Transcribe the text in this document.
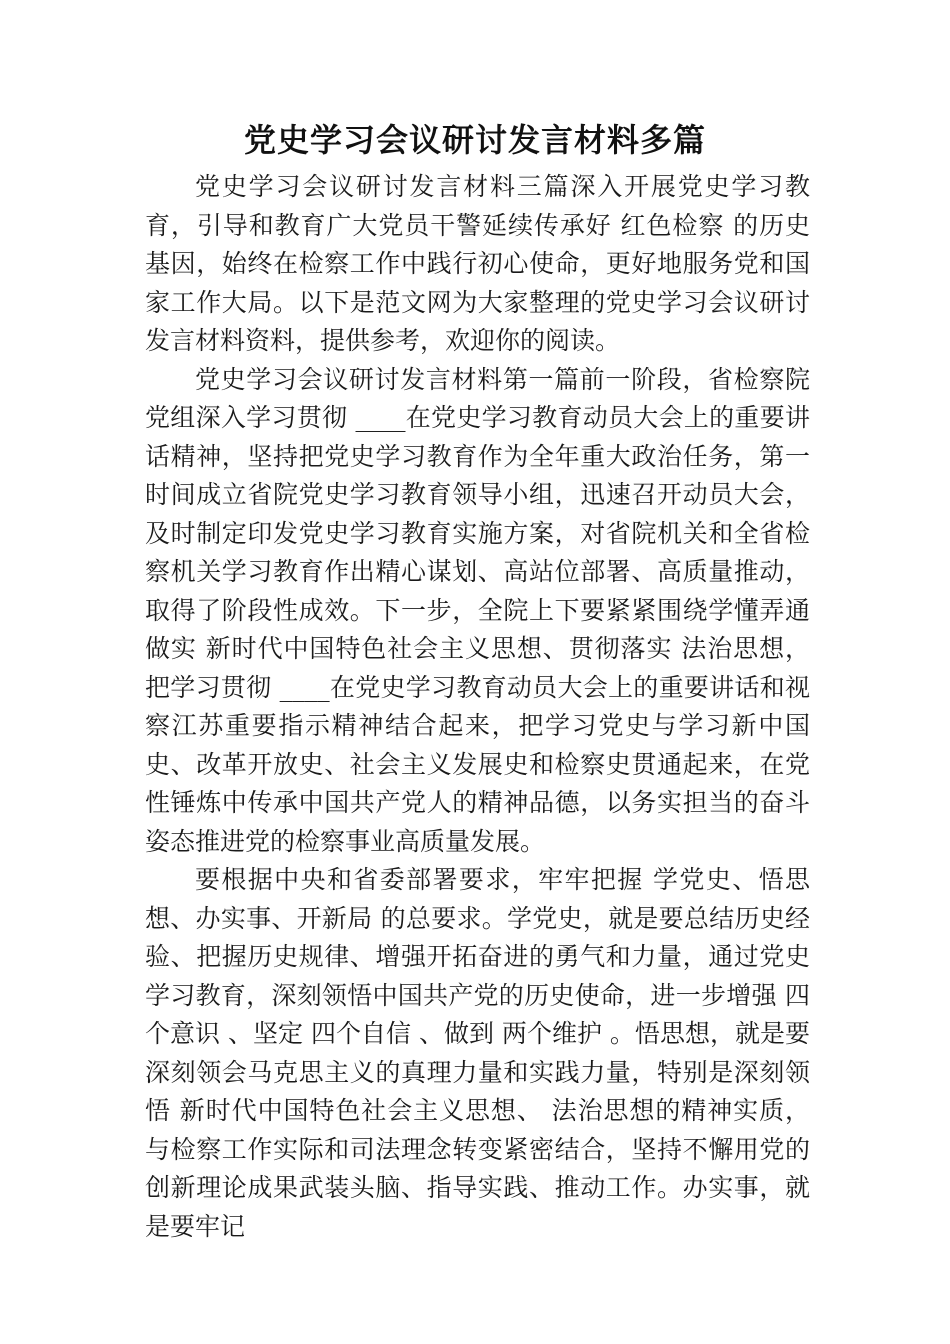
党史学习会议研讨发言材料多篇

党史学习会议研讨发言材料三篇深入开展党史学习教育，引导和教育广大党员干警延续传承好 红色检察 的历史基因，始终在检察工作中践行初心使命，更好地服务党和国家工作大局。以下是范文网为大家整理的党史学习会议研讨发言材料资料，提供参考，欢迎你的阅读。

党史学习会议研讨发言材料第一篇前一阶段，省检察院党组深入学习贯彻 ____在党史学习教育动员大会上的重要讲话精神，坚持把党史学习教育作为全年重大政治任务，第一时间成立省院党史学习教育领导小组，迅速召开动员大会，及时制定印发党史学习教育实施方案，对省院机关和全省检察机关学习教育作出精心谋划、高站位部署、高质量推动，取得了阶段性成效。下一步，全院上下要紧紧围绕学懂弄通做实 新时代中国特色社会主义思想、贯彻落实 法治思想，把学习贯彻 ____在党史学习教育动员大会上的重要讲话和视察江苏重要指示精神结合起来，把学习党史与学习新中国史、改革开放史、社会主义发展史和检察史贯通起来，在党性锤炼中传承中国共产党人的精神品德，以务实担当的奋斗姿态推进党的检察事业高质量发展。

要根据中央和省委部署要求，牢牢把握 学党史、悟思想、办实事、开新局 的总要求。学党史，就是要总结历史经验、把握历史规律、增强开拓奋进的勇气和力量，通过党史学习教育，深刻领悟中国共产党的历史使命，进一步增强 四个意识 、坚定 四个自信 、做到 两个维护 。悟思想，就是要深刻领会马克思主义的真理力量和实践力量，特别是深刻领悟 新时代中国特色社会主义思想、 法治思想的精神实质，与检察工作实际和司法理念转变紧密结合，坚持不懈用党的创新理论成果武装头脑、指导实践、推动工作。办实事，就是要牢记
